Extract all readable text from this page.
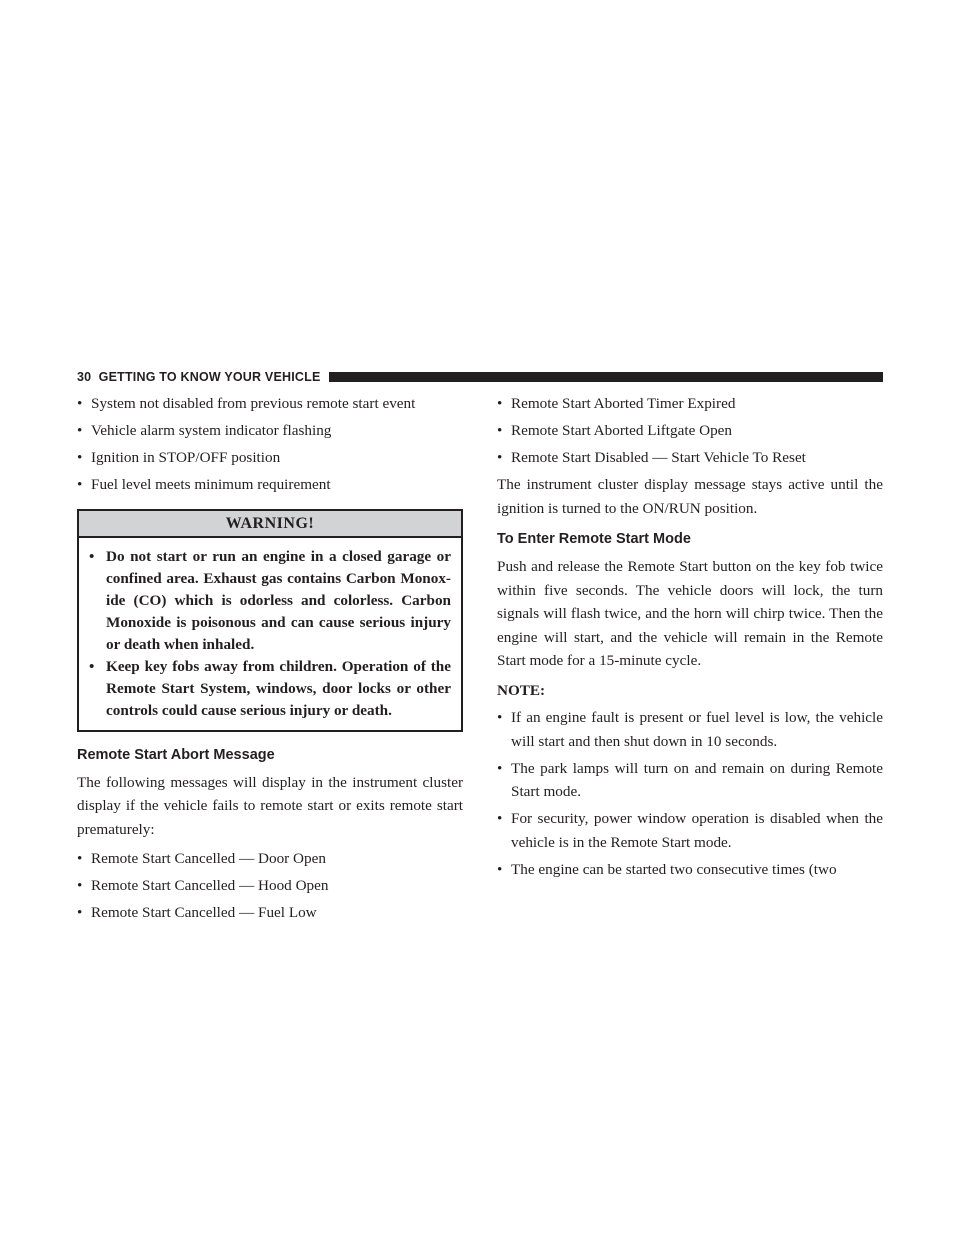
30 GETTING TO KNOW YOUR VEHICLE
• System not disabled from previous remote start event
• Vehicle alarm system indicator flashing
• Ignition in STOP/OFF position
• Fuel level meets minimum requirement
WARNING!
• Do not start or run an engine in a closed garage or confined area. Exhaust gas contains Carbon Monox-ide (CO) which is odorless and colorless. Carbon Monoxide is poisonous and can cause serious injury or death when inhaled.
• Keep key fobs away from children. Operation of the Remote Start System, windows, door locks or other controls could cause serious injury or death.
Remote Start Abort Message

The following messages will display in the instrument cluster display if the vehicle fails to remote start or exits remote start prematurely:

• Remote Start Cancelled — Door Open
• Remote Start Cancelled — Hood Open
• Remote Start Cancelled — Fuel Low
• Remote Start Aborted Timer Expired
• Remote Start Aborted Liftgate Open
• Remote Start Disabled — Start Vehicle To Reset

The instrument cluster display message stays active until the ignition is turned to the ON/RUN position.

To Enter Remote Start Mode

Push and release the Remote Start button on the key fob twice within five seconds. The vehicle doors will lock, the turn signals will flash twice, and the horn will chirp twice. Then the engine will start, and the vehicle will remain in the Remote Start mode for a 15-minute cycle.

NOTE:

• If an engine fault is present or fuel level is low, the vehicle will start and then shut down in 10 seconds.
• The park lamps will turn on and remain on during Remote Start mode.
• For security, power window operation is disabled when the vehicle is in the Remote Start mode.
• The engine can be started two consecutive times (two
